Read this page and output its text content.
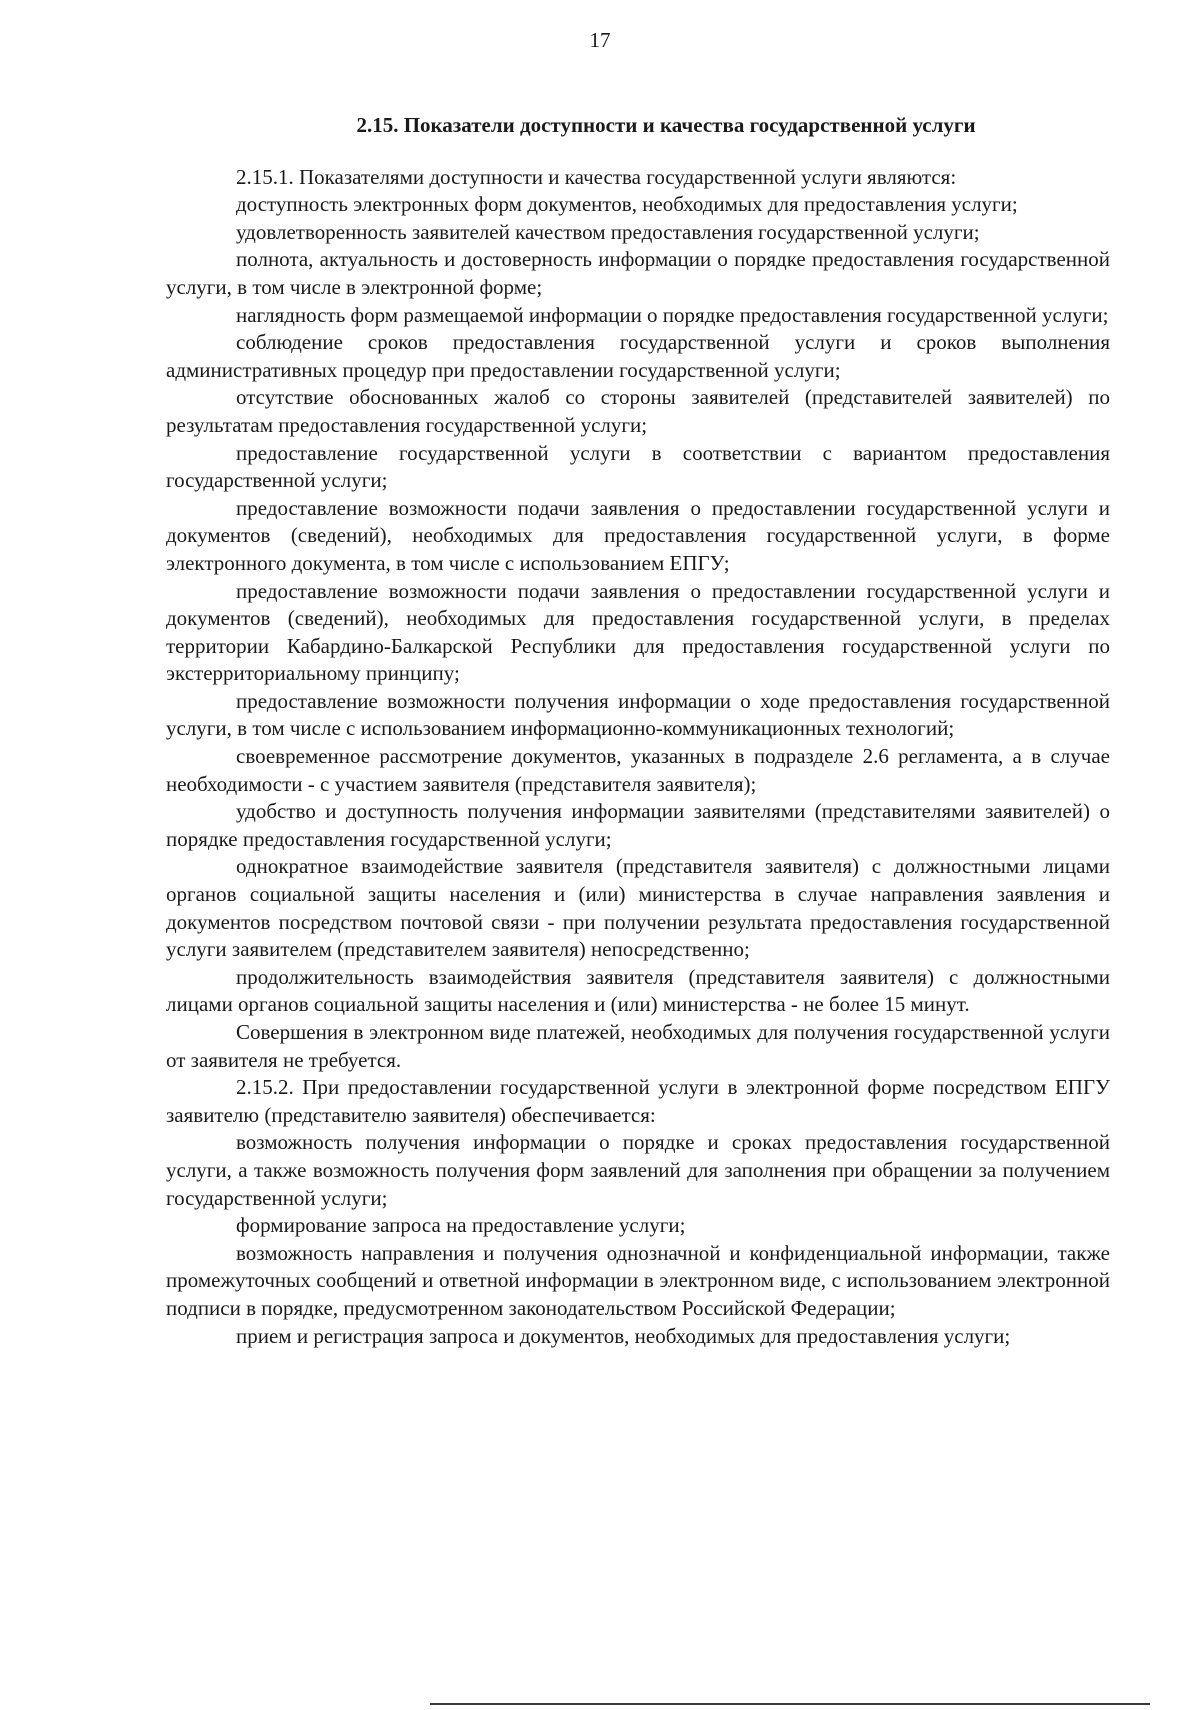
17
2.15. Показатели доступности и качества государственной услуги

2.15.1. Показателями доступности и качества государственной услуги являются:

доступность электронных форм документов, необходимых для предоставления услуги;

удовлетворенность заявителей качеством предоставления государственной услуги;

полнота, актуальность и достоверность информации о порядке предоставления государственной услуги, в том числе в электронной форме;

наглядность форм размещаемой информации о порядке предоставления государственной услуги;

соблюдение сроков предоставления государственной услуги и сроков выполнения административных процедур при предоставлении государственной услуги;

отсутствие обоснованных жалоб со стороны заявителей (представителей заявителей) по результатам предоставления государственной услуги;

предоставление государственной услуги в соответствии с вариантом предоставления государственной услуги;

предоставление возможности подачи заявления о предоставлении государственной услуги и документов (сведений), необходимых для предоставления государственной услуги, в форме электронного документа, в том числе с использованием ЕПГУ;

предоставление возможности подачи заявления о предоставлении государственной услуги и документов (сведений), необходимых для предоставления государственной услуги, в пределах территории Кабардино-Балкарской Республики для предоставления государственной услуги по экстерриториальному принципу;

предоставление возможности получения информации о ходе предоставления государственной услуги, в том числе с использованием информационно-коммуникационных технологий;

своевременное рассмотрение документов, указанных в подразделе 2.6 регламента, а в случае необходимости - с участием заявителя (представителя заявителя);

удобство и доступность получения информации заявителями (представителями заявителей) о порядке предоставления государственной услуги;

однократное взаимодействие заявителя (представителя заявителя) с должностными лицами органов социальной защиты населения и (или) министерства в случае направления заявления и документов посредством почтовой связи - при получении результата предоставления государственной услуги заявителем (представителем заявителя) непосредственно;

продолжительность взаимодействия заявителя (представителя заявителя) с должностными лицами органов социальной защиты населения и (или) министерства - не более 15 минут.

Совершения в электронном виде платежей, необходимых для получения государственной услуги от заявителя не требуется.

2.15.2. При предоставлении государственной услуги в электронной форме посредством ЕПГУ заявителю (представителю заявителя) обеспечивается:

возможность получения информации о порядке и сроках предоставления государственной услуги, а также возможность получения форм заявлений для заполнения при обращении за получением государственной услуги;

формирование запроса на предоставление услуги;

возможность направления и получения однозначной и конфиденциальной информации, также промежуточных сообщений и ответной информации в электронном виде, с использованием электронной подписи в порядке, предусмотренном законодательством Российской Федерации;

прием и регистрация запроса и документов, необходимых для предоставления услуги;
